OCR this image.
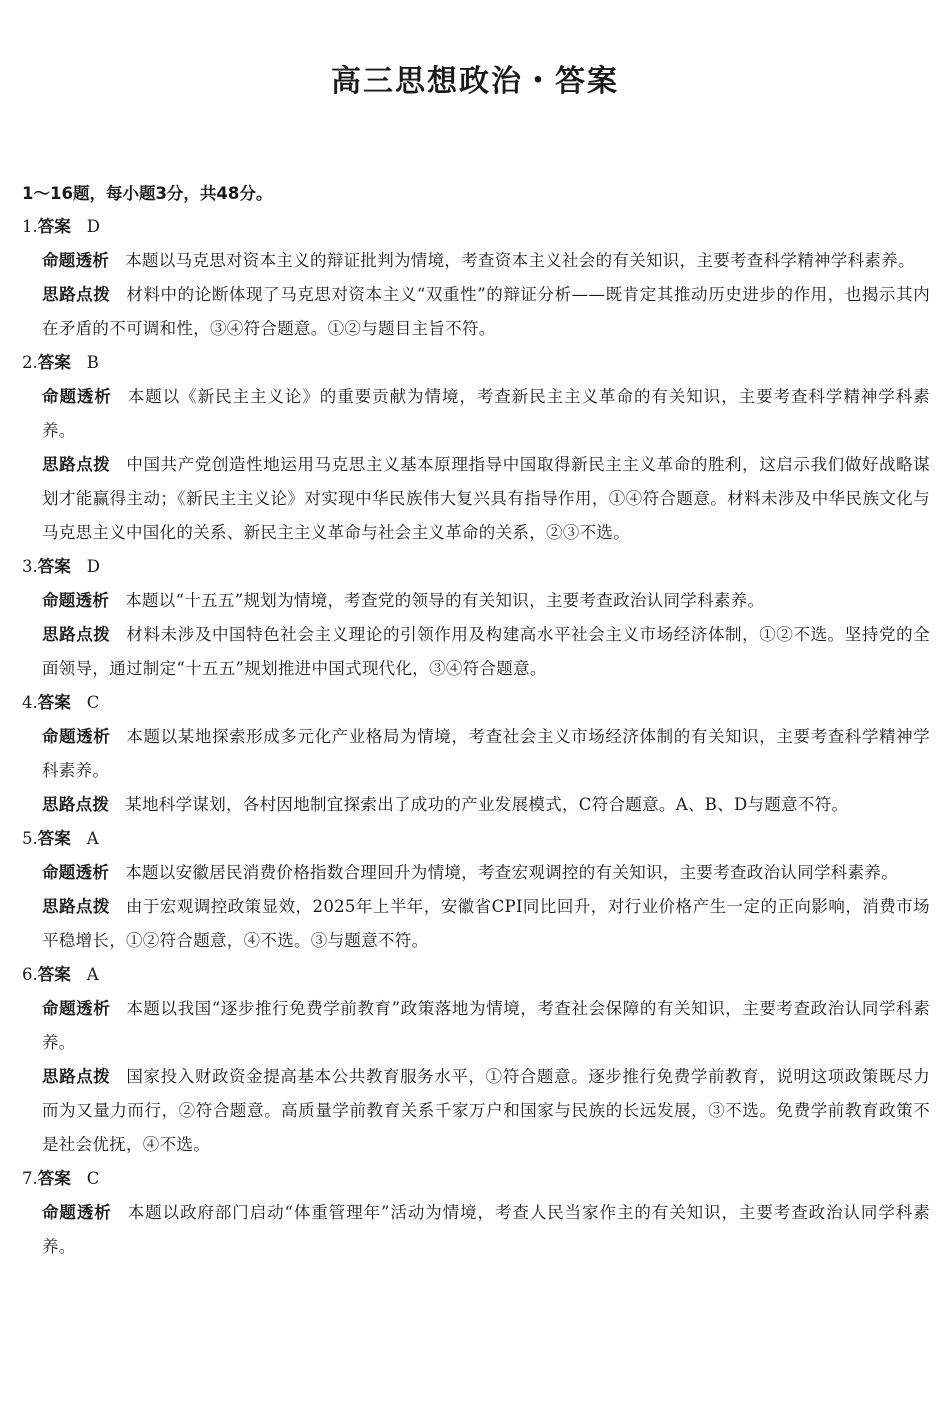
高三思想政治・答案
1～16题，每小题3分，共48分。
1.答案 D
命题透析 本题以马克思对资本主义的辩证批判为情境，考查资本主义社会的有关知识，主要考查科学精神学科素养。
思路点拨 材料中的论断体现了马克思对资本主义“双重性”的辩证分析——既肯定其推动历史进步的作用，也揭示其内在矛盾的不可调和性，③④符合题意。①②与题目主旨不符。
2.答案 B
命题透析 本题以《新民主主义论》的重要贡献为情境，考查新民主主义革命的有关知识，主要考查科学精神学科素养。
思路点拨 中国共产党创造性地运用马克思主义基本原理指导中国取得新民主主义革命的胜利，这启示我们做好战略谋划才能赢得主动；《新民主主义论》对实现中华民族伟大复兴具有指导作用，①④符合题意。材料未涉及中华民族文化与马克思主义中国化的关系、新民主主义革命与社会主义革命的关系，②③不选。
3.答案 D
命题透析 本题以“十五五”规划为情境，考查党的领导的有关知识，主要考查政治认同学科素养。
思路点拨 材料未涉及中国特色社会主义理论的引领作用及构建高水平社会主义市场经济体制，①②不选。坚持党的全面领导，通过制定“十五五”规划推进中国式现代化，③④符合题意。
4.答案 C
命题透析 本题以某地探索形成多元化产业格局为情境，考查社会主义市场经济体制的有关知识，主要考查科学精神学科素养。
思路点拨 某地科学谋划，各村因地制宜探索出了成功的产业发展模式，C符合题意。A、B、D与题意不符。
5.答案 A
命题透析 本题以安徽居民消费价格指数合理回升为情境，考查宏观调控的有关知识，主要考查政治认同学科素养。
思路点拨 由于宏观调控政策显效，2025年上半年，安徽省CPI同比回升，对行业价格产生一定的正向影响，消费市场平稳增长，①②符合题意，④不选。③与题意不符。
6.答案 A
命题透析 本题以我国“逐步推行免费学前教育”政策落地为情境，考查社会保障的有关知识，主要考查政治认同学科素养。
思路点拨 国家投入财政资金提高基本公共教育服务水平，①符合题意。逐步推行免费学前教育，说明这项政策既尽力而为又量力而行，②符合题意。高质量学前教育关系千家万户和国家与民族的长远发展，③不选。免费学前教育政策不是社会优抚，④不选。
7.答案 C
命题透析 本题以政府部门启动“体重管理年”活动为情境，考查人民当家作主的有关知识，主要考查政治认同学科素养。
